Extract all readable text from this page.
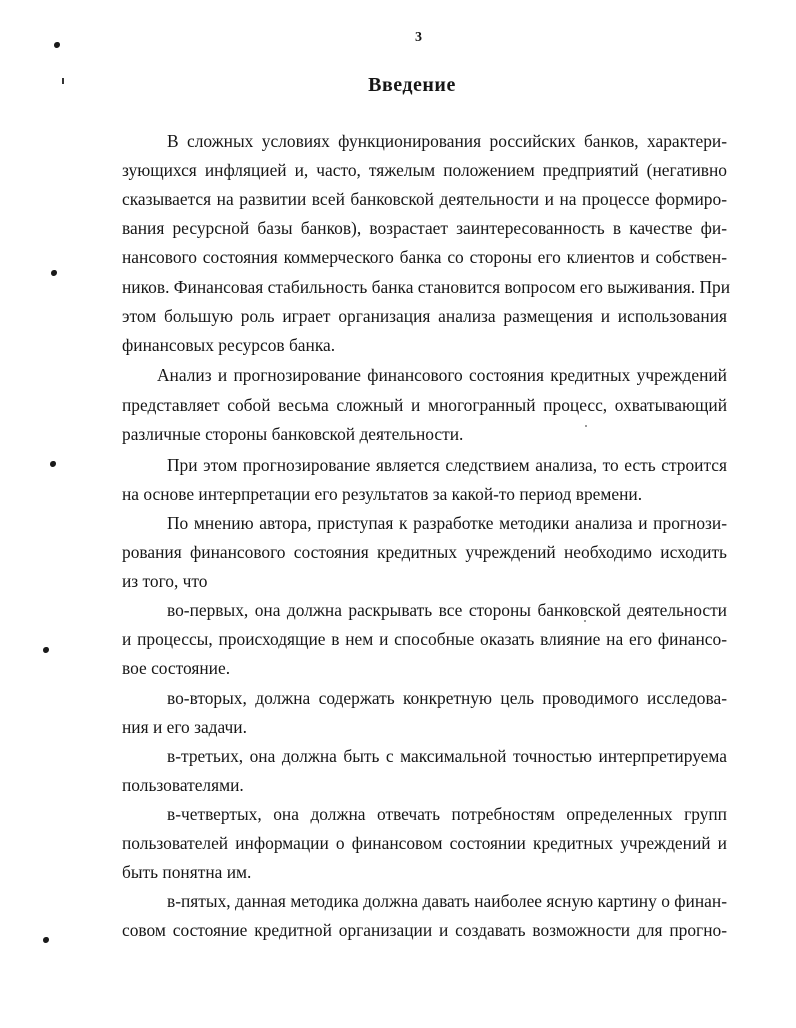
3
Введение
В сложных условиях функционирования российских банков, характери-
зующихся инфляцией и, часто, тяжелым положением предприятий (негативно
сказывается на развитии всей банковской деятельности и на процессе формиро-
вания ресурсной базы банков), возрастает заинтересованность в качестве фи-
нансового состояния коммерческого банка со стороны его клиентов и собствен-
ников. Финансовая стабильность банка становится вопросом его выживания. При
этом большую роль играет организация анализа размещения и использования
финансовых ресурсов банка.
Анализ и прогнозирование финансового состояния кредитных учреждений
представляет собой весьма сложный и многогранный процесс, охватывающий
различные стороны банковской деятельности.
При этом прогнозирование является следствием анализа, то есть строится
на основе интерпретации его результатов за какой-то период времени.
По мнению автора, приступая к разработке методики анализа и прогнози-
рования финансового состояния кредитных учреждений необходимо исходить
из того, что
во-первых, она должна раскрывать все стороны банковской деятельности
и процессы, происходящие в нем и способные оказать влияние на его финансо-
вое состояние.
во-вторых, должна содержать конкретную цель проводимого исследова-
ния и его задачи.
в-третьих, она должна быть с максимальной точностью интерпретируема
пользователями.
в-четвертых, она должна отвечать потребностям определенных групп
пользователей информации о финансовом состоянии кредитных учреждений и
быть понятна им.
в-пятых, данная методика должна давать наиболее ясную картину о финан-
совом состояние кредитной организации и создавать возможности для прогно-
